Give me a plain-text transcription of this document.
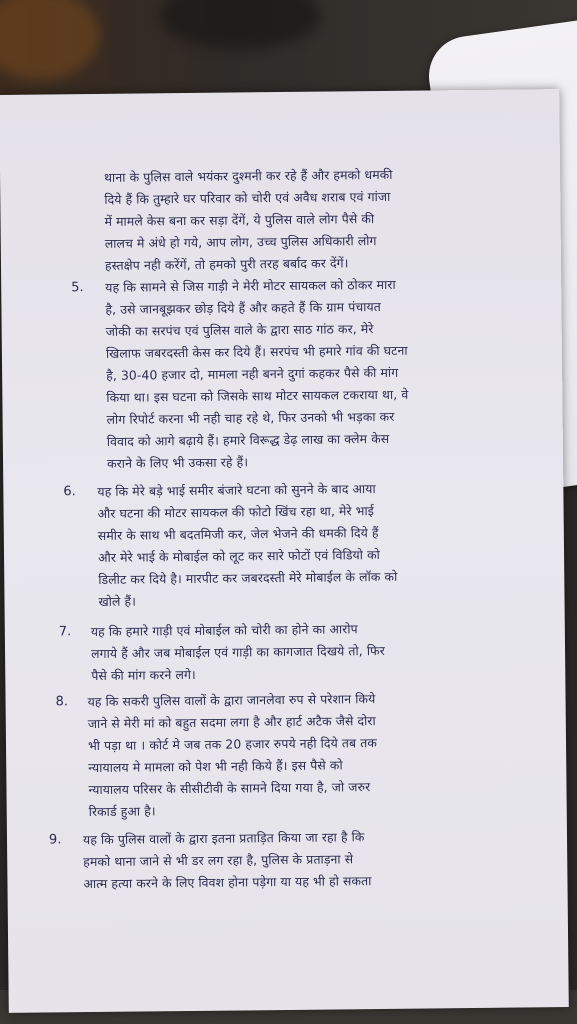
थाना के पुलिस वाले भयंकर दुश्मनी कर रहे हैं और हमको धमकी
दिये हैं कि तुम्हारे घर परिवार को चोरी एवं अवैध शराब एवं गांजा
में मामले केस बना कर सड़ा देंगें, ये पुलिस वाले लोग पैसे की
लालच मे अंधे हो गये, आप लोग, उच्च पुलिस अधिकारी लोग
हस्तक्षेप नही करेंगें, तो हमको पुरी तरह बर्बाद कर देंगें।
5. यह कि सामने से जिस गाड़ी ने मेरी मोटर सायकल को ठोकर मारा
है, उसे जानबूझकर छोड़ दिये हैं और कहते हैं कि ग्राम पंचायत
जोकी का सरपंच एवं पुलिस वाले के द्वारा साठ गांठ कर, मेरे
खिलाफ जबरदस्ती केस कर दिये हैं। सरपंच भी हमारे गांव की घटना
है, 30-40 हजार दो, मामला नही बनने दुगां कहकर पैसे की मांग
किया था। इस घटना को जिसके साथ मोटर सायकल टकराया था, वे
लोग रिपोर्ट करना भी नही चाह रहे थे, फिर उनको भी भड़का कर
विवाद को आगे बढ़ाये हैं। हमारे विरूद्ध डेढ़ लाख का क्लेम केस
कराने के लिए भी उकसा रहे हैं।
6. यह कि मेरे बड़े भाई समीर बंजारे घटना को सुनने के बाद आया
और घटना की मोटर सायकल की फोटो खिंच रहा था, मेरे भाई
समीर के साथ भी बदतमिजी कर, जेल भेजने की धमकी दिये हैं
और मेरे भाई के मोबाईल को लूट कर सारे फोटों एवं विडियो को
डिलीट कर दिये है। मारपीट कर जबरदस्ती मेरे मोबाईल के लॉक को
खोले हैं।
7. यह कि हमारे गाड़ी एवं मोबाईल को चोरी का होने का आरोप
लगाये हैं और जब मोबाईल एवं गाड़ी का कागजात दिखये तो, फिर
पैसे की मांग करने लगे।
8. यह कि सकरी पुलिस वालों के द्वारा जानलेवा रुप से परेशान किये
जाने से मेरी मां को बहुत सदमा लगा है और हार्ट अटैक जैसे दोरा
भी पड़ा था । कोर्ट मे जब तक 20 हजार रुपये नही दिये तब तक
न्यायालय मे मामला को पेश भी नही किये हैं। इस पैसे को
न्यायालय परिसर के सीसीटीवी के सामने दिया गया है, जो जरुर
रिकार्ड हुआ है।
9. यह कि पुलिस वालों के द्वारा इतना प्रताड़ित किया जा रहा है कि
हमको थाना जाने से भी डर लग रहा है, पुलिस के प्रताड़ना से
आत्म हत्या करने के लिए विवश होना पड़ेगा या यह भी हो सकता
